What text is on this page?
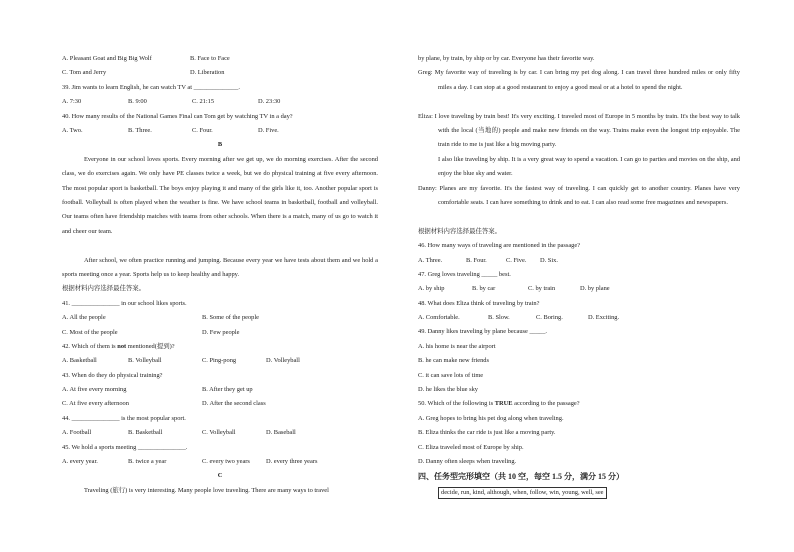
A. Pleasant Goat and Big Big Wolf	B. Face to Face
C. Tom and Jerry	D. Liberation
39. Jim wants to learn English, he can watch TV at ______________.
A. 7:30	B. 9:00	C. 21:15	D. 23:30
40. How many results of the National Games Final can Tom get by watching TV in a day?
A. Two.	B. Three.	C. Four.	D. Five.
B
Everyone in our school loves sports. Every morning after we get up, we do morning exercises. After the second class, we do exercises again. We only have PE classes twice a week, but we do physical training at five every afternoon. The most popular sport is basketball. The boys enjoy playing it and many of the girls like it, too. Another popular sport is football. Volleyball is often played when the weather is fine. We have school teams in basketball, football and volleyball. Our teams often have friendship matches with teams from other schools. When there is a match, many of us go to watch it and cheer our team.
After school, we often practice running and jumping. Because every year we have tests about them and we hold a sports meeting once a year. Sports help us to keep healthy and happy.
根据材料内容选择最佳答案。
41. _______________ in our school likes sports.
A. All the people	B. Some of the people
C. Most of the people	D. Few people
42. Which of them is not mentioned(提到)?
A. Basketball	B. Volleyball	C. Ping-pong	D. Volleyball
43. When do they do physical training?
A. At five every morning	B. After they get up
C. At five every afternoon	D. After the second class
44. _______________ is the most popular sport.
A. Football	B. Basketball	C. Volleyball	D. Baseball
45. We hold a sports meeting _______________.
A. every year.	B. twice a year	C. every two years	D. every three years
C
Traveling (旅行) is very interesting. Many people love traveling. There are many ways to travel
by plane, by train, by ship or by car. Everyone has their favorite way.
Greg: My favorite way of traveling is by car. I can bring my pet dog along. I can travel three hundred miles or only fifty miles a day. I can stop at a good restaurant to enjoy a good meal or at a hotel to spend the night.
Eliza: I love traveling by train best! It's very exciting. I traveled most of Europe in 5 months by train. It's the best way to talk with the local (当地的) people and make new friends on the way. Trains make even the longest trip enjoyable. The train ride to me is just like a big moving party.
I also like traveling by ship. It is a very great way to spend a vacation. I can go to parties and movies on the ship, and enjoy the blue sky and water.
Danny: Planes are my favorite. It's the fastest way of traveling. I can quickly get to another country. Planes have very comfortable seats. I can have something to drink and to eat. I can also read some free magazines and newspapers.
根据材料内容选择最佳答案。
46. How many ways of traveling are mentioned in the passage?
A. Three.	B. Four.	C. Five. D. Six.
47. Greg loves traveling _____ best.
A. by ship	B. by car	C. by train	D. by plane
48. What does Eliza think of traveling by train?
A. Comfortable.	B. Slow.	C. Boring.	D. Exciting.
49. Danny likes traveling by plane because _____.
A. his home is near the airport
B. he can make new friends
C. it can save lots of time
D. he likes the blue sky
50. Which of the following is TRUE according to the passage?
A. Greg hopes to bring his pet dog along when traveling.
B. Eliza thinks the car ride is just like a moving party.
C. Eliza traveled most of Europe by ship.
D. Danny often sleeps when traveling.
四、任务型完形填空（共 10 空，每空 1.5 分，满分 15 分）
decide, run, kind, although, when, follow, win, young, well, see
